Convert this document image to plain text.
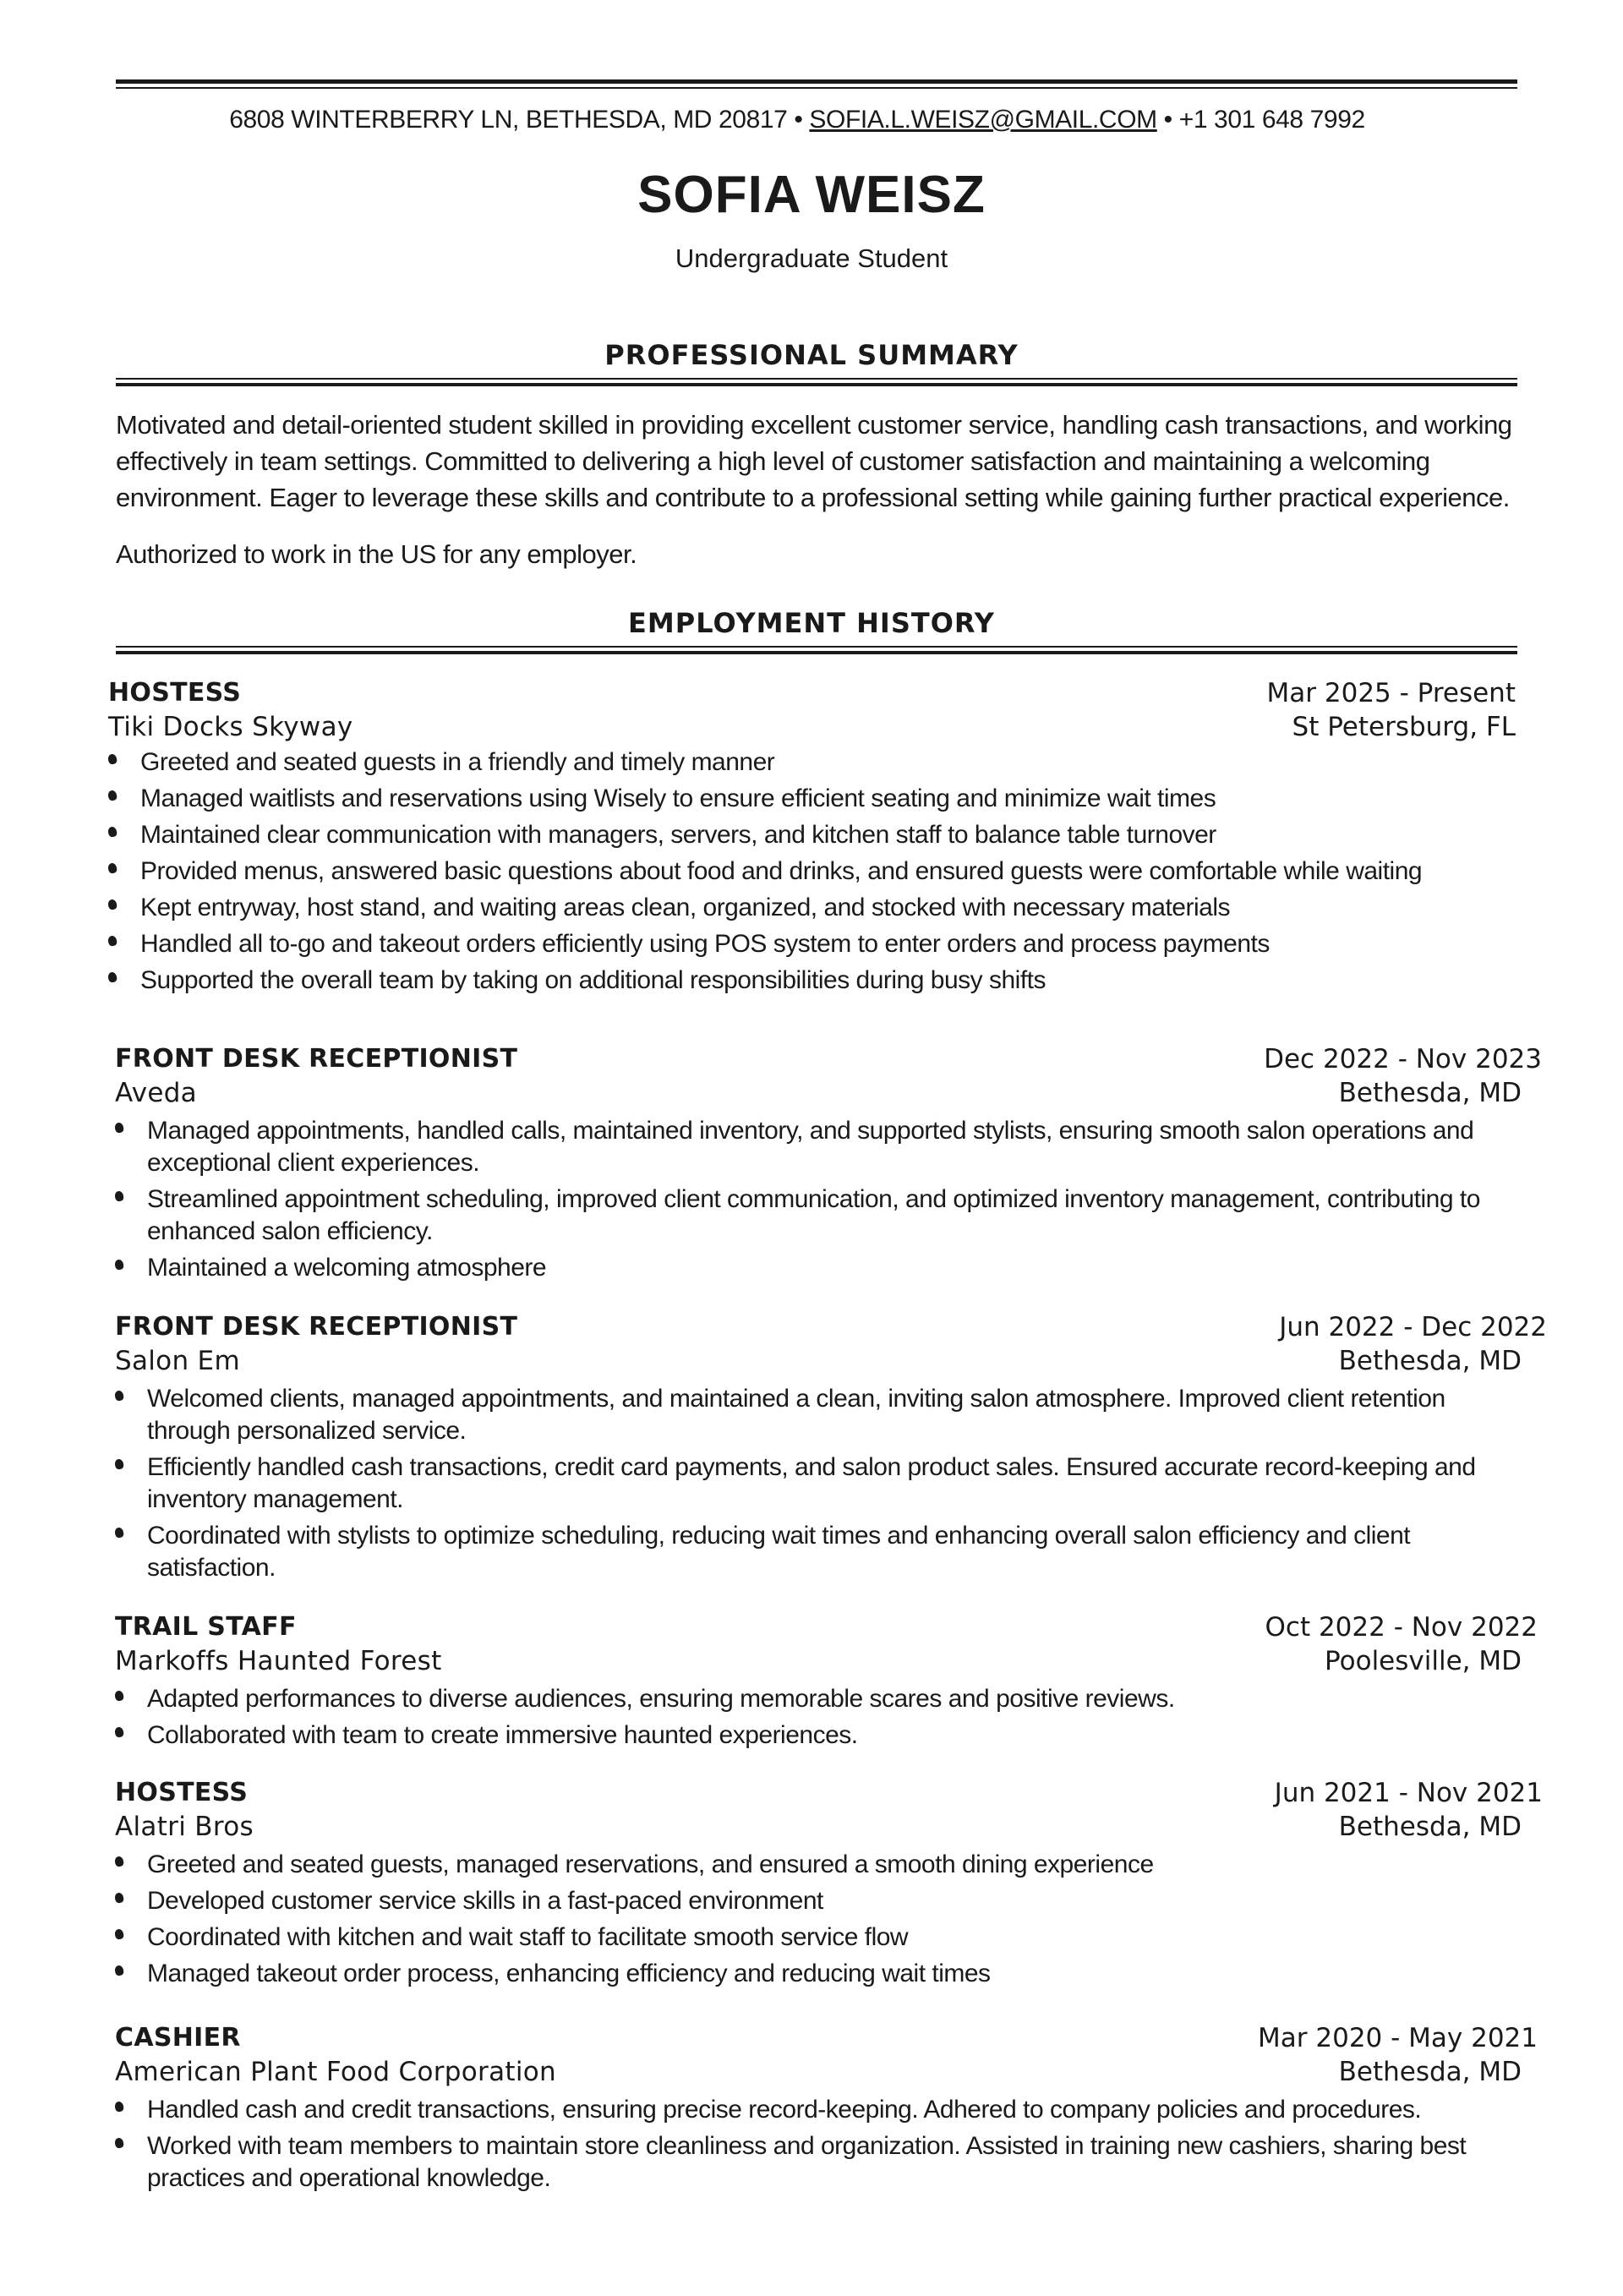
6808 WINTERBERRY LN, BETHESDA, MD 20817 • SOFIA.L.WEISZ@GMAIL.COM • +1 301 648 7992
SOFIA WEISZ
Undergraduate Student
PROFESSIONAL SUMMARY

Motivated and detail-oriented student skilled in providing excellent customer service, handling cash transactions, and working effectively in team settings. Committed to delivering a high level of customer satisfaction and maintaining a welcoming environment. Eager to leverage these skills and contribute to a professional setting while gaining further practical experience.

Authorized to work in the US for any employer.

EMPLOYMENT HISTORY
HOSTESS	Mar 2025 - Present
Tiki Docks Skyway	St Petersburg, FL
Greeted and seated guests in a friendly and timely manner
Managed waitlists and reservations using Wisely to ensure efficient seating and minimize wait times
Maintained clear communication with managers, servers, and kitchen staff to balance table turnover
Provided menus, answered basic questions about food and drinks, and ensured guests were comfortable while waiting
Kept entryway, host stand, and waiting areas clean, organized, and stocked with necessary materials
Handled all to-go and takeout orders efficiently using POS system to enter orders and process payments
Supported the overall team by taking on additional responsibilities during busy shifts
FRONT DESK RECEPTIONIST	Dec 2022 - Nov 2023
Aveda	Bethesda, MD
Managed appointments, handled calls, maintained inventory, and supported stylists, ensuring smooth salon operations and exceptional client experiences.
Streamlined appointment scheduling, improved client communication, and optimized inventory management, contributing to enhanced salon efficiency.
Maintained a welcoming atmosphere
FRONT DESK RECEPTIONIST	Jun 2022 - Dec 2022
Salon Em	Bethesda, MD
Welcomed clients, managed appointments, and maintained a clean, inviting salon atmosphere. Improved client retention through personalized service.
Efficiently handled cash transactions, credit card payments, and salon product sales. Ensured accurate record-keeping and inventory management.
Coordinated with stylists to optimize scheduling, reducing wait times and enhancing overall salon efficiency and client satisfaction.
TRAIL STAFF	Oct 2022 - Nov 2022
Markoffs Haunted Forest	Poolesville, MD
Adapted performances to diverse audiences, ensuring memorable scares and positive reviews.
Collaborated with team to create immersive haunted experiences.
HOSTESS	Jun 2021 - Nov 2021
Alatri Bros	Bethesda, MD
Greeted and seated guests, managed reservations, and ensured a smooth dining experience
Developed customer service skills in a fast-paced environment
Coordinated with kitchen and wait staff to facilitate smooth service flow
Managed takeout order process, enhancing efficiency and reducing wait times
CASHIER	Mar 2020 - May 2021
American Plant Food Corporation	Bethesda, MD
Handled cash and credit transactions, ensuring precise record-keeping. Adhered to company policies and procedures.
Worked with team members to maintain store cleanliness and organization. Assisted in training new cashiers, sharing best practices and operational knowledge.
